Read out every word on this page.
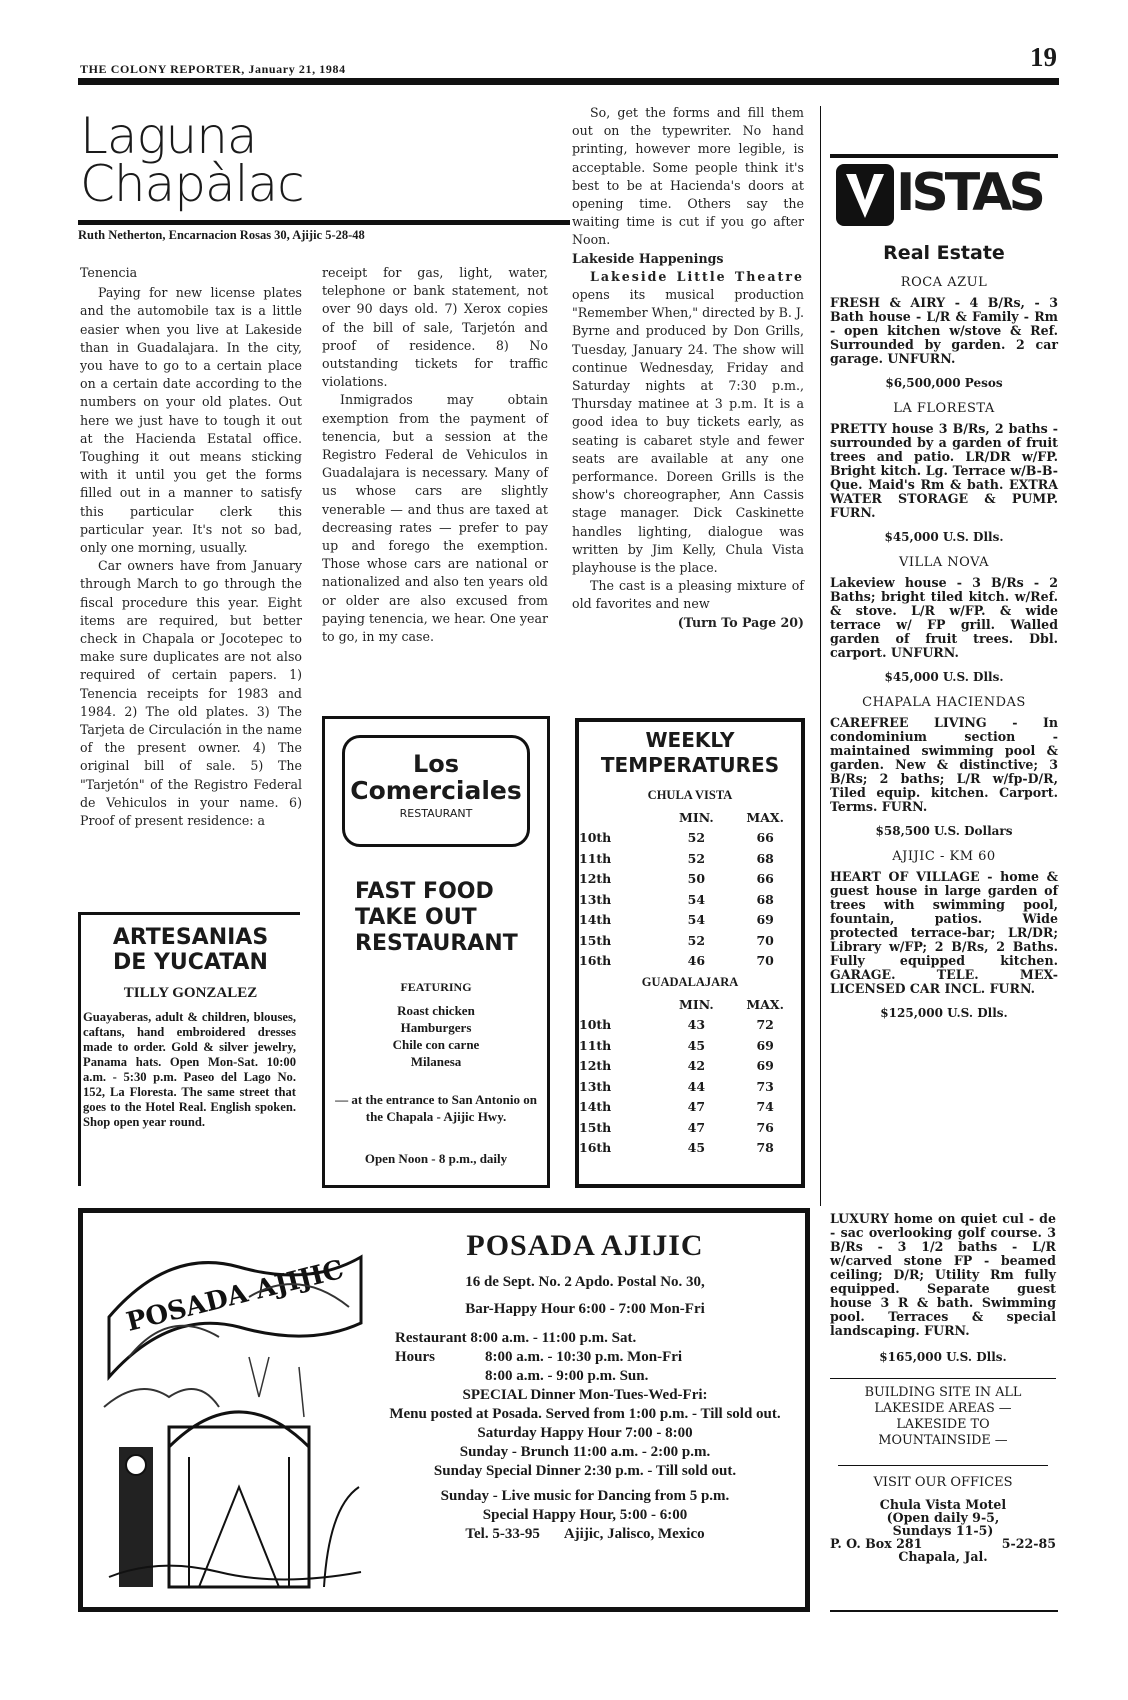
THE COLONY REPORTER, January 21, 1984	19
Laguna
Chapàlac
Ruth Netherton, Encarnacion Rosas 30, Ajijic 5-28-48

Tenencia

Paying for new license plates and the automobile tax is a little easier when you live at Lakeside than in Guadalajara. In the city, you have to go to a certain place on a certain date according to the numbers on your old plates. Out here we just have to tough it out at the Hacienda Estatal office. Toughing it out means sticking with it until you get the forms filled out in a manner to satisfy this particular clerk this particular year. It's not so bad, only one morning, usually.

Car owners have from January through March to go through the fiscal procedure this year. Eight items are required, but better check in Chapala or Jocotepec to make sure duplicates are not also required of certain papers. 1) Tenencia receipts for 1983 and 1984. 2) The old plates. 3) The Tarjeta de Circulación in the name of the present owner. 4) The original bill of sale. 5) The "Tarjetón" of the Registro Federal de Vehiculos in your name. 6) Proof of present residence: a

receipt for gas, light, water, telephone or bank statement, not over 90 days old. 7) Xerox copies of the bill of sale, Tarjetón and proof of residence. 8) No outstanding tickets for traffic violations.

Inmigrados may obtain exemption from the payment of tenencia, but a session at the Registro Federal de Vehiculos in Guadalajara is necessary. Many of us whose cars are slightly venerable — and thus are taxed at decreasing rates — prefer to pay up and forego the exemption. Those whose cars are national or nationalized and also ten years old or older are also excused from paying tenencia, we hear. One year to go, in my case.

So, get the forms and fill them out on the typewriter. No hand printing, however more legible, is acceptable. Some people think it's best to be at Hacienda's doors at opening time. Others say the waiting time is cut if you go after Noon.

Lakeside Happenings

Lakeside Little Theatre opens its musical production "Remember When," directed by B. J. Byrne and produced by Don Grills, Tuesday, January 24. The show will continue Wednesday, Friday and Saturday nights at 7:30 p.m., Thursday matinee at 3 p.m. It is a good idea to buy tickets early, as seating is cabaret style and fewer seats are available at any one performance. Doreen Grills is the show's choreographer, Ann Cassis stage manager. Dick Caskinette handles lighting, dialogue was written by Jim Kelly, Chula Vista playhouse is the place.

The cast is a pleasing mixture of old favorites and new

(Turn To Page 20)

ARTESANIAS
DE YUCATAN
TILLY GONZALEZ
Guayaberas, adult & children, blouses, caftans, hand embroidered dresses made to order. Gold & silver jewelry, Panama hats. Open Mon-Sat. 10:00 a.m. - 5:30 p.m. Paseo del Lago No. 152, La Floresta. The same street that goes to the Hotel Real. English spoken. Shop open year round.
Los
Comerciales
RESTAURANT
FAST FOOD
TAKE OUT
RESTAURANT
FEATURING
Roast chicken
Hamburgers
Chile con carne
Milanesa
— at the entrance to San Antonio on the Chapala - Ajijic Hwy.
Open Noon - 8 p.m., daily
WEEKLY
TEMPERATURES
CHULA VISTA
	MIN.	MAX.
10th	52	66
11th	52	68
12th	50	66
13th	54	68
14th	54	69
15th	52	70
16th	46	70
GUADALAJARA
	MIN.	MAX.
10th	43	72
11th	45	69
12th	42	69
13th	44	73
14th	47	74
15th	47	76
16th	45	78
ISTAS
Real Estate
ROCA AZUL
FRESH & AIRY - 4 B/Rs, - 3 Bath house - L/R & Family - Rm - open kitchen w/stove & Ref. Surrounded by garden. 2 car garage. UNFURN.
$6,500,000 Pesos
LA FLORESTA
PRETTY house 3 B/Rs, 2 baths - surrounded by a garden of fruit trees and patio. LR/DR w/FP. Bright kitch. Lg. Terrace w/B-B-Que. Maid's Rm & bath. EXTRA WATER STORAGE & PUMP. FURN.
$45,000 U.S. Dlls.
VILLA NOVA
Lakeview house - 3 B/Rs - 2 Baths; bright tiled kitch. w/Ref. & stove. L/R w/FP. & wide terrace w/ FP grill. Walled garden of fruit trees. Dbl. carport. UNFURN.
$45,000 U.S. Dlls.
CHAPALA HACIENDAS
CAREFREE LIVING - In condominium section - maintained swimming pool & garden. New & distinctive; 3 B/Rs; 2 baths; L/R w/fp-D/R, Tiled equip. kitchen. Carport. Terms. FURN.
$58,500 U.S. Dollars
AJIJIC - KM 60
HEART OF VILLAGE - home & guest house in large garden of trees with swimming pool, fountain, patios. Wide protected terrace-bar; LR/DR; Library w/FP; 2 B/Rs, 2 Baths. Fully equipped kitchen. GARAGE. TELE. MEX-LICENSED CAR INCL. FURN.
$125,000 U.S. Dlls.
LUXURY home on quiet cul - de - sac overlooking golf course. 3 B/Rs - 3 1/2 baths - L/R w/carved stone FP - beamed ceiling; D/R; Utility Rm fully equipped. Separate guest house 3 R & bath. Swimming pool. Terraces & special landscaping. FURN.
$165,000 U.S. Dlls.
BUILDING SITE IN ALL LAKESIDE AREAS — LAKESIDE TO MOUNTAINSIDE —
VISIT OUR OFFICES
Chula Vista Motel
(Open daily 9-5,
Sundays 11-5)
P. O. Box 281	5-22-85
Chapala, Jal.
POSADA AJIJIC
POSADA AJIJIC
16 de Sept. No. 2 Apdo. Postal No. 30,
Bar-Happy Hour 6:00 - 7:00 Mon-Fri
Restaurant 8:00 a.m. - 11:00 p.m. Sat.
Hours	8:00 a.m. - 10:30 p.m. Mon-Fri
8:00 a.m. - 9:00 p.m. Sun.
SPECIAL Dinner Mon-Tues-Wed-Fri:
Menu posted at Posada. Served from 1:00 p.m. - Till sold out.
Saturday Happy Hour 7:00 - 8:00
Sunday - Brunch 11:00 a.m. - 2:00 p.m.
Sunday Special Dinner 2:30 p.m. - Till sold out.
Sunday - Live music for Dancing from 5 p.m.
Special Happy Hour, 5:00 - 6:00
Tel. 5-33-95 Ajijic, Jalisco, Mexico
